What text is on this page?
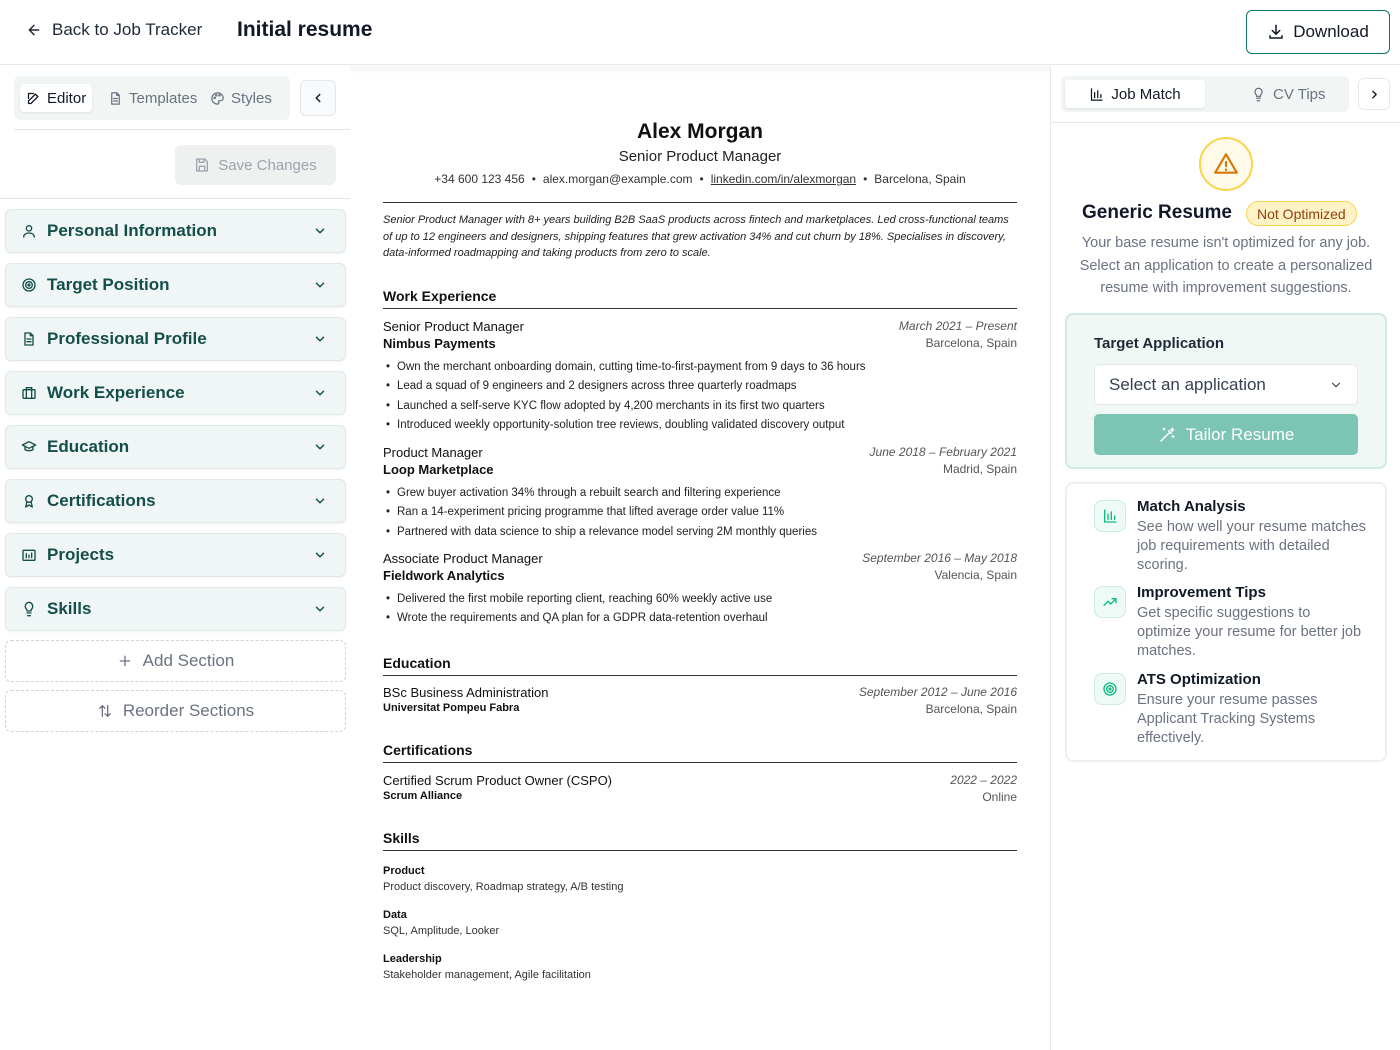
Back to Job Tracker Initial resume	Download
Editor	Templates Styles
Save Changes
Personal Information
Target Position
Professional Profile
Work Experience
Education
Certifications
Projects
Skills
Add Section
Reorder Sections
Alex Morgan
Senior Product Manager
+34 600 123 456 • alex.morgan@example.com • linkedin.com/in/alexmorgan • Barcelona, Spain
Senior Product Manager with 8+ years building B2B SaaS products across fintech and marketplaces. Led cross-functional teams of up to 12 engineers and designers, shipping features that grew activation 34% and cut churn by 18%. Specialises in discovery, data-informed roadmapping and taking products from zero to scale.
Work Experience
Senior Product Manager
Nimbus Payments
March 2021 – Present
Barcelona, Spain
• Own the merchant onboarding domain, cutting time-to-first-payment from 9 days to 36 hours
• Lead a squad of 9 engineers and 2 designers across three quarterly roadmaps
• Launched a self-serve KYC flow adopted by 4,200 merchants in its first two quarters
• Introduced weekly opportunity-solution tree reviews, doubling validated discovery output
Product Manager
Loop Marketplace
June 2018 – February 2021
Madrid, Spain
• Grew buyer activation 34% through a rebuilt search and filtering experience
• Ran a 14-experiment pricing programme that lifted average order value 11%
• Partnered with data science to ship a relevance model serving 2M monthly queries
Associate Product Manager
Fieldwork Analytics
September 2016 – May 2018
Valencia, Spain
• Delivered the first mobile reporting client, reaching 60% weekly active use
• Wrote the requirements and QA plan for a GDPR data-retention overhaul
Education
BSc Business Administration
Universitat Pompeu Fabra
September 2012 – June 2016
Barcelona, Spain
Certifications
Certified Scrum Product Owner (CSPO)
Scrum Alliance
2022 – 2022
Online
Skills
Product
Product discovery, Roadmap strategy, A/B testing
Data
SQL, Amplitude, Looker
Leadership
Stakeholder management, Agile facilitation
Job Match	CV Tips
Generic Resume	Not Optimized
Your base resume isn't optimized for any job. Select an application to create a personalized resume with improvement suggestions.
Target Application
Select an application
Tailor Resume
Match Analysis
See how well your resume matches job requirements with detailed scoring.
Improvement Tips
Get specific suggestions to optimize your resume for better job matches.
ATS Optimization
Ensure your resume passes Applicant Tracking Systems effectively.
